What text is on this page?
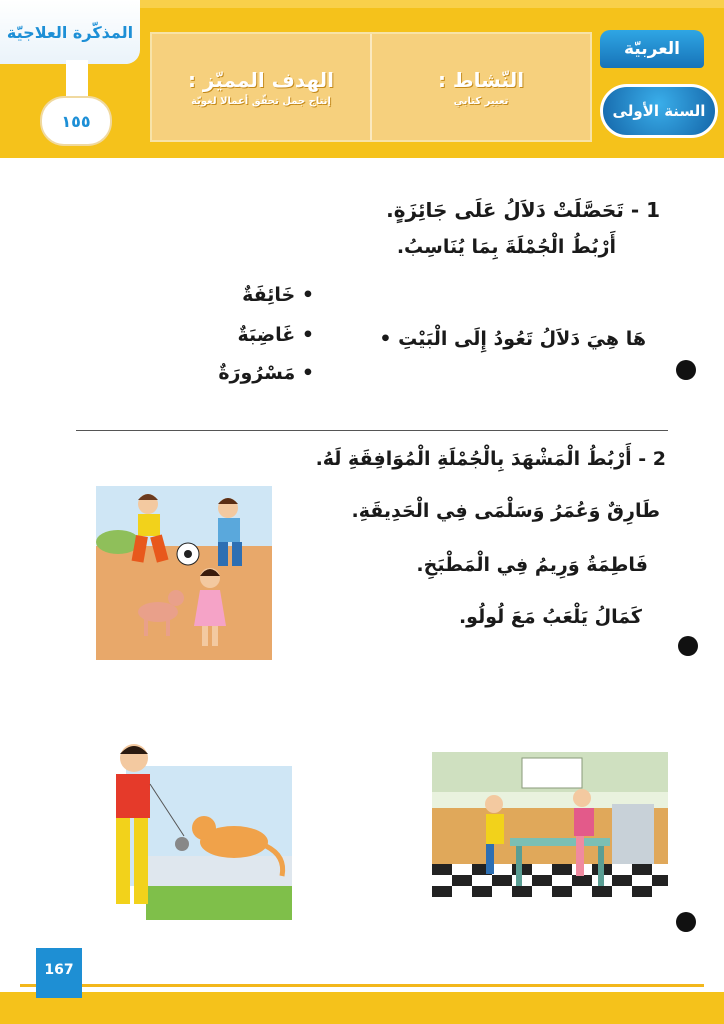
المذكّرة العلاجيّة
١٥٥
النّشاط :
تعبير كتابي
الهدف المميّز :
إنتاج جمل تحقّق أعمالا لغويّة
العربيّة
السنة الأولى
1 - تَحَصَّلَتْ دَلاَلُ عَلَى جَائِزَةٍ.
أَرْبُطُ الْجُمْلَةَ بِمَا يُنَاسِبُ.
هَا هِيَ دَلاَلُ تَعُودُ إِلَى الْبَيْتِ •
• خَائِفَةٌ
• غَاضِبَةٌ
• مَسْرُورَةٌ
2 - أَرْبُطُ الْمَشْهَدَ بِالْجُمْلَةِ الْمُوَافِقَةِ لَهُ.
طَارِقٌ وَعُمَرُ وَسَلْمَى فِي الْحَدِيقَةِ.
فَاطِمَةُ وَرِيمُ فِي الْمَطْبَخِ.
كَمَالُ يَلْعَبُ مَعَ لُولُو.
167
